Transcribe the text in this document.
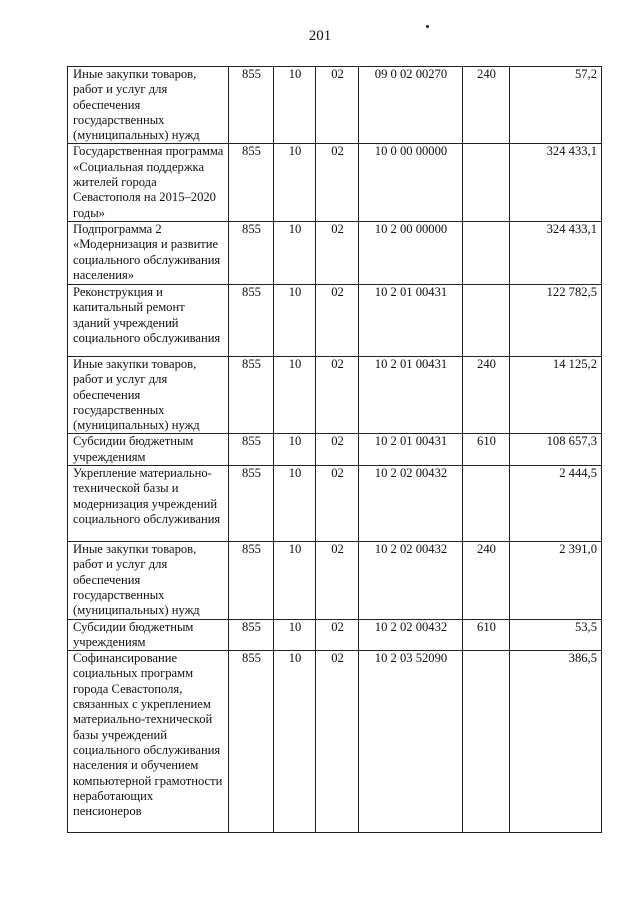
201
Иные закупки товаров, работ и услуг для обеспечения государственных (муниципальных) нужд	855	10	02	09 0 02 00270	240	57,2
Государственная программа «Социальная поддержка жителей города Севастополя на 2015–2020 годы»	855	10	02	10 0 00 00000		324 433,1
Подпрограмма 2 «Модернизация и развитие социального обслуживания населения»	855	10	02	10 2 00 00000		324 433,1
Реконструкция и капитальный ремонт зданий учреждений социального обслуживания	855	10	02	10 2 01 00431		122 782,5
Иные закупки товаров, работ и услуг для обеспечения государственных (муниципальных) нужд	855	10	02	10 2 01 00431	240	14 125,2
Субсидии бюджетным учреждениям	855	10	02	10 2 01 00431	610	108 657,3
Укрепление материально-технической базы и модернизация учреждений социального обслуживания	855	10	02	10 2 02 00432		2 444,5
Иные закупки товаров, работ и услуг для обеспечения государственных (муниципальных) нужд	855	10	02	10 2 02 00432	240	2 391,0
Субсидии бюджетным учреждениям	855	10	02	10 2 02 00432	610	53,5
Софинансирование социальных программ города Севастополя, связанных с укреплением материально-технической базы учреждений социального обслуживания населения и обучением компьютерной грамотности неработающих пенсионеров	855	10	02	10 2 03 52090		386,5
